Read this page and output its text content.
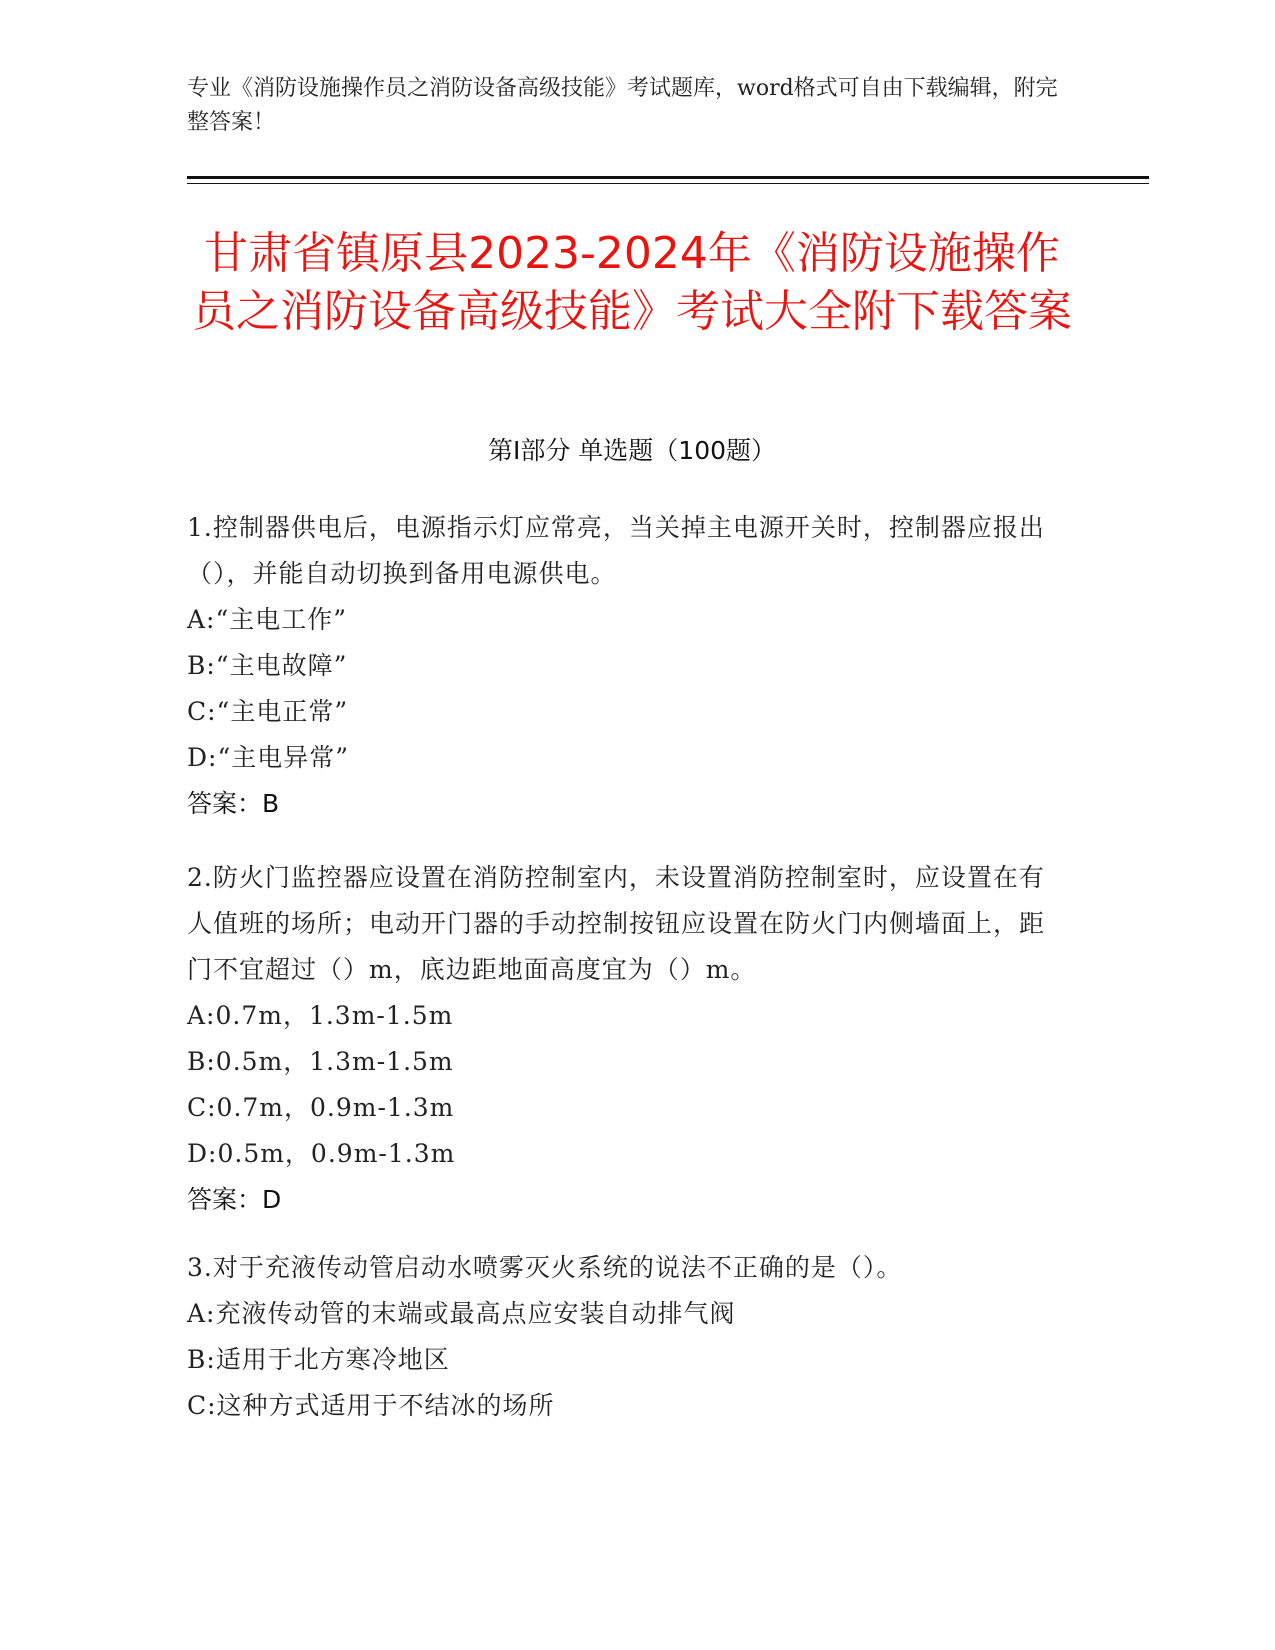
专业《消防设施操作员之消防设备高级技能》考试题库，word格式可自由下载编辑，附完整答案！
甘肃省镇原县2023-2024年《消防设施操作员之消防设备高级技能》考试大全附下载答案
第Ⅰ部分 单选题（100题）
1.控制器供电后，电源指示灯应常亮，当关掉主电源开关时，控制器应报出（），并能自动切换到备用电源供电。
A:“主电工作”
B:“主电故障”
C:“主电正常”
D:“主电异常”
答案：B
2.防火门监控器应设置在消防控制室内，未设置消防控制室时，应设置在有人值班的场所；电动开门器的手动控制按钮应设置在防火门内侧墙面上，距门不宜超过（）m，底边距地面高度宜为（）m。
A:0.7m，1.3m-1.5m
B:0.5m，1.3m-1.5m
C:0.7m，0.9m-1.3m
D:0.5m，0.9m-1.3m
答案：D
3.对于充液传动管启动水喷雾灭火系统的说法不正确的是（）。
A:充液传动管的末端或最高点应安装自动排气阀
B:适用于北方寒冷地区
C:这种方式适用于不结冰的场所
